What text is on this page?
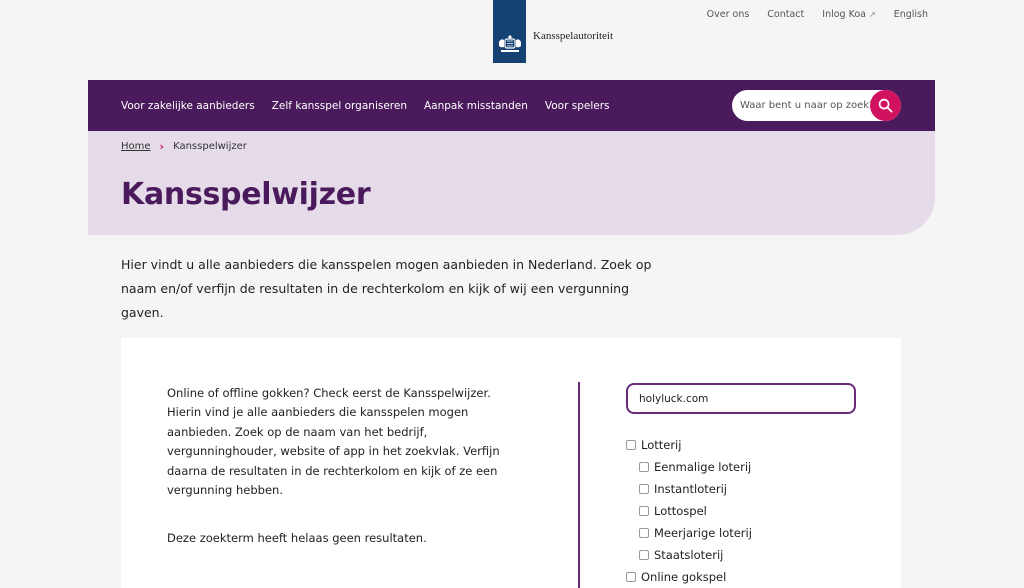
Kansspelautoriteit
Over ons Contact Inlog Koa ↗ English
Voor zakelijke aanbieders Zelf kansspel organiseren Aanpak misstanden Voor spelers
Waar bent u naar op zoek?
Home › Kansspelwijzer
Kansspelwijzer

Hier vindt u alle aanbieders die kansspelen mogen aanbieden in Nederland. Zoek op naam en/of verfijn de resultaten in de rechterkolom en kijk of wij een vergunning gaven.

Online of offline gokken? Check eerst de Kansspelwijzer. Hierin vind je alle aanbieders die kansspelen mogen aanbieden. Zoek op de naam van het bedrijf, vergunninghouder, website of app in het zoekvlak. Verfijn daarna de resultaten in de rechterkolom en kijk of ze een vergunning hebben.

Deze zoekterm heeft helaas geen resultaten.

holyluck.com
Lotterij
Eenmalige loterij
Instantloterij
Lottospel
Meerjarige loterij
Staatsloterij
Online gokspel
